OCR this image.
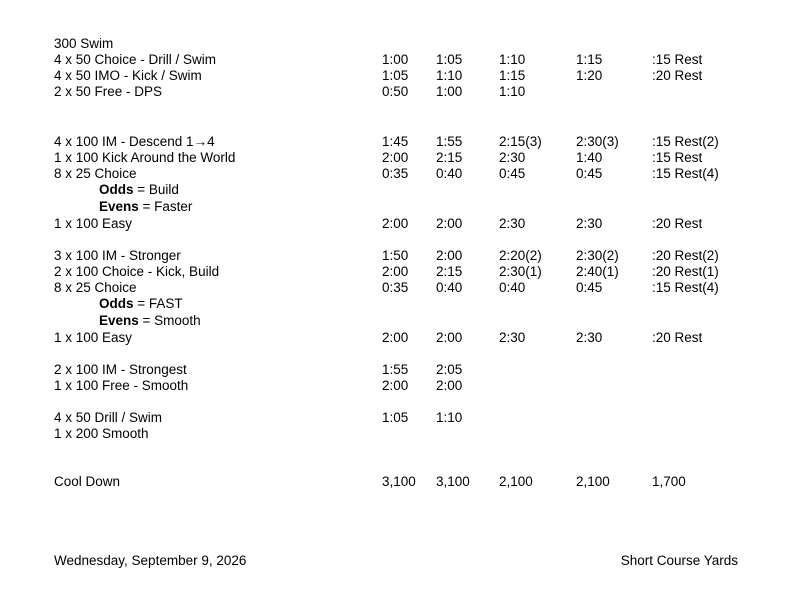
300 Swim
4 x 50 Choice - Drill / Swim	1:00 1:05	1:10	1:15	:15 Rest
4 x 50 IMO - Kick / Swim	1:05 1:10	1:15	1:20	:20 Rest
2 x 50 Free - DPS	0:50 1:00	1:10
4 x 100 IM - Descend 1→4	1:45 1:55	2:15(3)	2:30(3) :15 Rest(2)
1 x 100 Kick Around the World	2:00 2:15	2:30	1:40	:15 Rest
8 x 25 Choice	0:35 0:40	0:45	0:45	:15 Rest(4)
Odds = Build
Evens = Faster
1 x 100 Easy	2:00 2:00	2:30	2:30	:20 Rest
3 x 100 IM - Stronger	1:50 2:00	2:20(2)	2:30(2) :20 Rest(2)
2 x 100 Choice - Kick, Build	2:00 2:15	2:30(1)	2:40(1) :20 Rest(1)
8 x 25 Choice	0:35 0:40	0:40	0:45	:15 Rest(4)
Odds = FAST
Evens = Smooth
1 x 100 Easy	2:00 2:00	2:30	2:30	:20 Rest
2 x 100 IM - Strongest	1:55 2:05
1 x 100 Free - Smooth	2:00 2:00
4 x 50 Drill / Swim	1:05 1:10
1 x 200 Smooth
Cool Down	3,100 3,100 2,100	2,100	1,700
Wednesday, September 9, 2026	Short Course Yards
